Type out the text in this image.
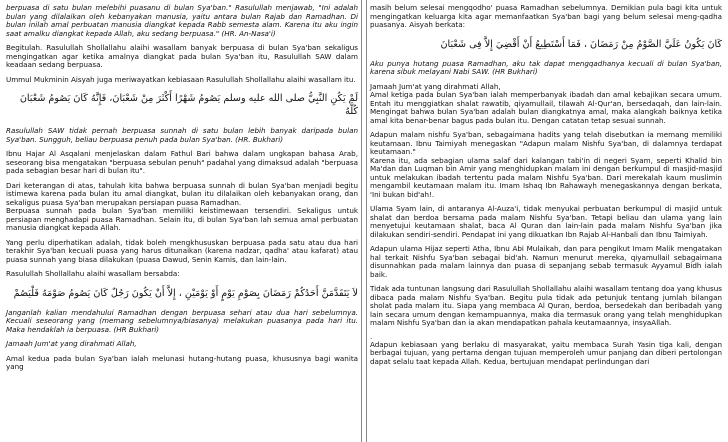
berpuasa di satu bulan melebihi puasanu di bulan Sya'ban." Rasulullah menjawab, "Ini adalah bulan yang dilalaikan oleh kebanyakan manusia, yaitu antara bulan Rajab dan Ramadhan. Di bulan inilah amal perbuatan manusia diangkat kepada Rabb semesta alam. Karena itu aku ingin saat amalku diangkat kepada Allah, aku sedang berpuasa." (HR. An-Nasa'i)

Begitulah. Rasulullah Shollallahu alaihi wasallam banyak berpuasa di bulan Sya'ban sekaligus mengingatkan agar ketika amalnya diangkat pada bulan Sya'ban itu, Rasulullah SAW dalam keadaan sedang berpuasa.

Ummul Mukminin Aisyah juga meriwayatkan kebiasaan Rasulullah Shollallahu alaihi wasallam itu.

لَمْ يَكُنِ النَّبِيُّ صلى الله عليه وسلم يَصُومُ شَهْرًا أَكْثَرَ مِنْ شَعْبَانَ، فَإِنَّهُ كَانَ يَصُومُ شَعْبَانَ كُلَّهُ

Rasulullah SAW tidak pernah berpuasa sunnah di satu bulan lebih banyak daripada bulan Sya'ban. Sungguh, beliau berpuasa penuh pada bulan Sya'ban. (HR. Bukhari)

Ibnu Hajar Al Asqalani menjelaskan dalam Fathul Bari bahwa dalam ungkapan bahasa Arab, seseorang bisa mengatakan "berpuasa sebulan penuh" padahal yang dimaksud adalah "berpuasa pada sebagian besar hari di bulan itu".

Dari keterangan di atas, tahulah kita bahwa berpuasa sunnah di bulan Sya'ban menjadi begitu istimewa karena pada bulan itu amal diangkat, bulan itu dilalaikan oleh kebanyakan orang, dan sekaligus puasa Sya'ban merupakan persiapan puasa Ramadhan.
Berpuasa sunnah pada bulan Sya'ban memiliki keistimewaan tersendiri. Sekaligus untuk persiapan menghadapi puasa Ramadhan. Selain itu, di bulan Sya'ban lah semua amal perbuatan manusia diangkat kepada Allah.

Yang perlu diperhatikan adalah, tidak boleh mengkhususkan berpuasa pada satu atau dua hari terakhir Sya'ban kecuali puasa yang harus ditunaikan (karena nadzar, qadha' atau kafarat) atau puasa sunnah yang biasa dilakukan (puasa Dawud, Senin Kamis, dan lain-lain.

Rasulullah Shollallahu alaihi wasallam bersabda:

لاَ يَتَقَدَّمَنَّ أَحَدُكُمْ رَمَضَانَ بِصَوْمِ يَوْمٍ أَوْ يَوْمَيْنِ ، إِلاَّ أَنْ يَكُونَ رَجُلٌ كَانَ يَصُومُ صَوْمَهُ فَلْيَصُمْ

Janganlah kalian mendahului Ramadhan dengan berpuasa sehari atau dua hari sebelumnya. Kecuali seseorang yang (memang sebelumnya/biasanya) melakukan puasanya pada hari itu. Maka hendaklah ia berpuasa. (HR Bukhari)

Jamaah Jum'at yang dirahmati Allah,

Amal kedua pada bulan Sya'ban ialah melunasi hutang-hutang puasa, khususnya bagi wanita yang

masih belum selesai mengqodho' puasa Ramadhan sebelumnya. Demikian pula bagi kita untuk mengingatkan keluarga kita agar memanfaatkan Sya'ban bagi yang belum selesai meng-qadha puasanya. Aisyah berkata:

كَانَ يَكُونُ عَلَيَّ الصَّوْمُ مِنْ رَمَضَانَ ، فَمَا أَسْتَطِيعُ أَنْ أَقْضِيَ إِلاَّ فِى شَعْبَانَ

Aku punya hutang puasa Ramadhan, aku tak dapat mengqadhanya kecuali di bulan Sya'ban, karena sibuk melayani Nabi SAW. (HR Bukhari)

Jamaah Jum'at yang dirahmati Allah,
Amal ketiga pada bulan Sya'ban ialah memperbanyak ibadah dan amal kebajikan secara umum. Entah itu menggiatkan shalat rawatib, qiyamullail, tilawah Al-Qur'an, bersedaqah, dan lain-lain. Mengingat bahwa bulan Sya'ban adalah bulan diangkatnya amal, maka alangkah baiknya ketika amal kita benar-benar bagus pada bulan itu. Dengan catatan tetap sesuai sunnah.

Adapun malam nishfu Sya'ban, sebagaimana hadits yang telah disebutkan ia memang memiliki keutamaan. Ibnu Taimiyah menegaskan "Adapun malam Nishfu Sya'ban, di dalamnya terdapat keutamaan."
Karena itu, ada sebagian ulama salaf dari kalangan tabi'in di negeri Syam, seperti Khalid bin Ma'dan dan Luqman bin Amir yang menghidupkan malam ini dengan berkumpul di masjid-masjid untuk melakukan ibadah tertentu pada malam Nishfu Sya'ban. Dari merekalah kaum muslimin mengambil keutamaan malam itu. Imam Ishaq Ibn Rahawayh menegaskannya dengan berkata, 'Ini bukan bid'ah!.

Ulama Syam lain, di antaranya Al-Auza'i, tidak menyukai perbuatan berkumpul di masjid untuk shalat dan berdoa bersama pada malam Nishfu Sya'ban. Tetapi beliau dan ulama yang lain menyetujui keutamaan shalat, baca Al Quran dan lain-lain pada malam Nishfu Sya'ban jika dilakukan sendiri-sendiri. Pendapat ini yang dikuatkan Ibn Rajab Al-Hanbali dan Ibnu Taimiyah.

Adapun ulama Hijaz seperti Atha, Ibnu Abi Mulaikah, dan para pengikut Imam Malik mengatakan hal terkait Nishfu Sya'ban sebagai bid'ah. Namun menurut mereka, qiyamullail sebagaimana disunnahkan pada malam lainnya dan puasa di sepanjang sebab termasuk Ayyamul Bidh ialah baik.

Tidak ada tuntunan langsung dari Rasulullah Shollallahu alaihi wasallam tentang doa yang khusus dibaca pada malam Nishfu Sya'ban. Begitu pula tidak ada petunjuk tentang jumlah bilangan sholat pada malam itu. Siapa yang membaca Al Quran, berdoa, bersedekah dan beribadah yang lain secara umum dengan kemampuannya, maka dia termasuk orang yang telah menghidupkan malam Nishfu Sya'ban dan ia akan mendapatkan pahala keutamaannya, insyaAllah.

.

Adapun kebiasaan yang berlaku di masyarakat, yaitu membaca Surah Yasin tiga kali, dengan berbagai tujuan, yang pertama dengan tujuan memperoleh umur panjang dan diberi pertolongan dapat selalu taat kepada Allah. Kedua, bertujuan mendapat perlindungan dari
